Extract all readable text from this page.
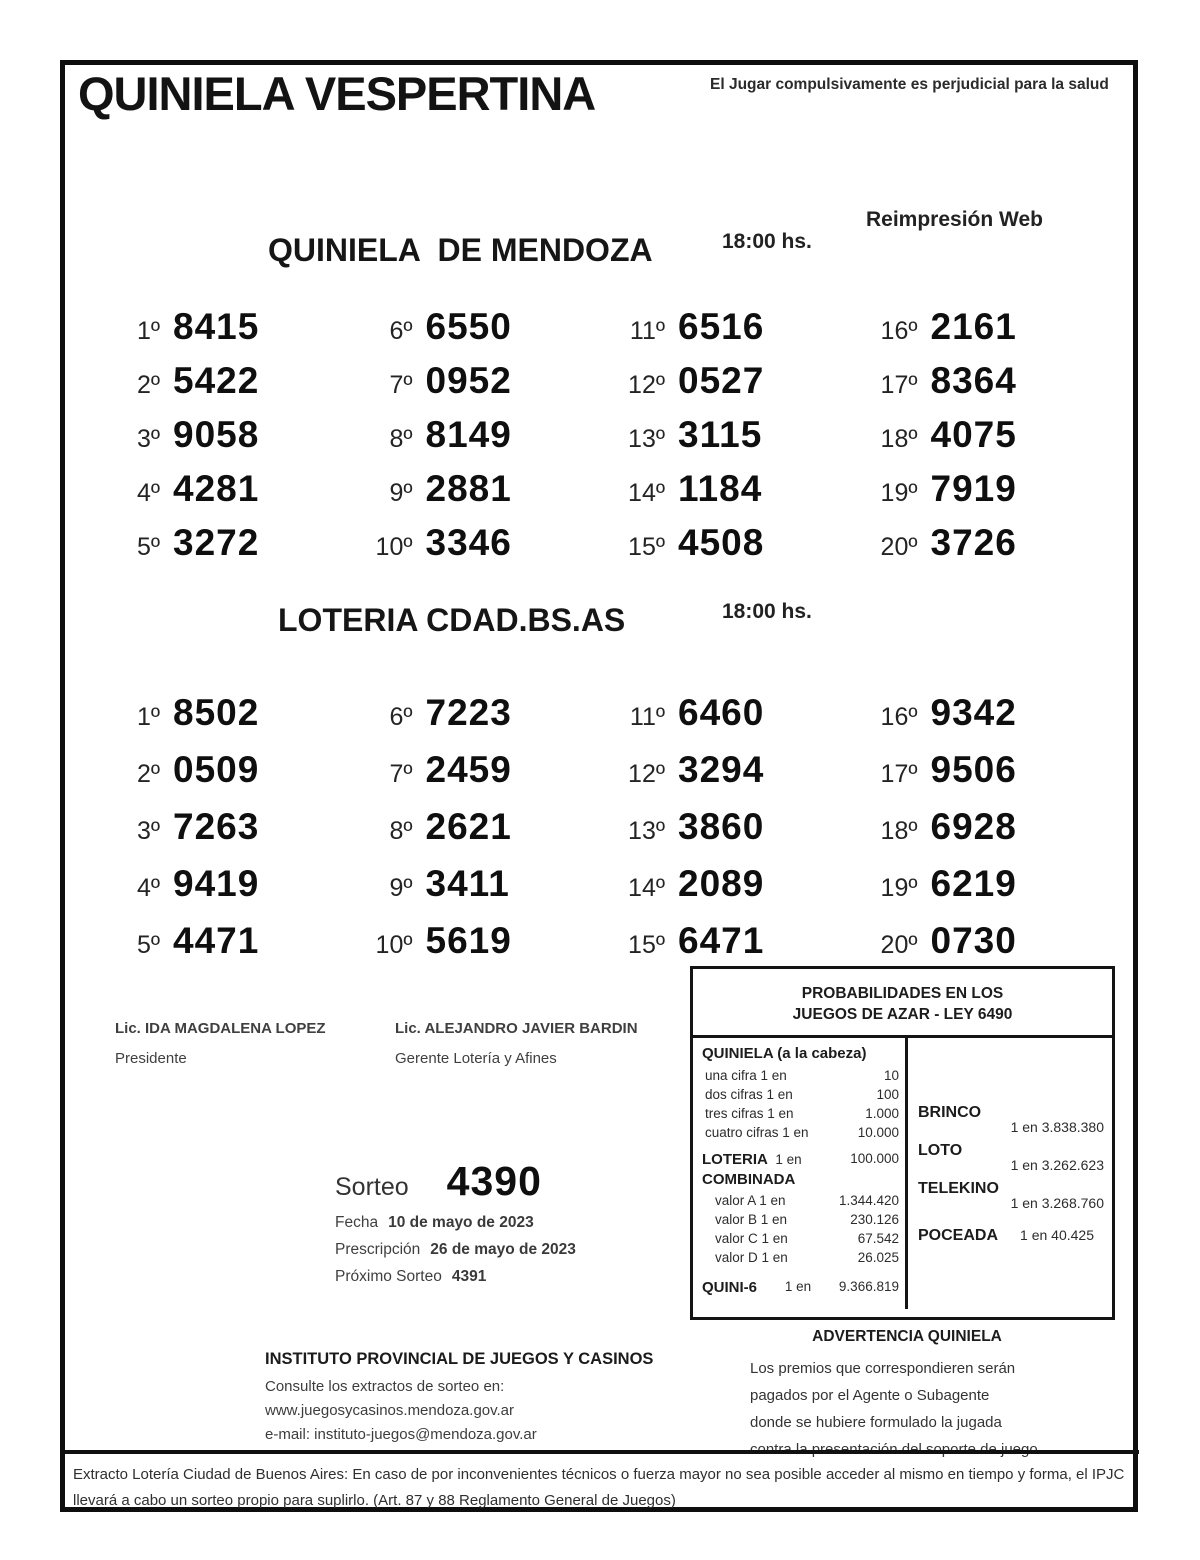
QUINIELA VESPERTINA	El Jugar compulsivamente es perjudicial para la salud
Reimpresión Web
QUINIELA  DE MENDOZA	18:00 hs.
1º 8415
2º 5422
3º 9058
4º 4281
5º 3272
6º 6550
7º 0952
8º 8149
9º 2881
10º 3346
11º 6516
12º 0527
13º 3115
14º 1184
15º 4508
16º 2161
17º 8364
18º 4075
19º 7919
20º 3726
LOTERIA CDAD.BS.AS	18:00 hs.
1º 8502
2º 0509
3º 7263
4º 9419
5º 4471
6º 7223
7º 2459
8º 2621
9º 3411
10º 5619
11º 6460
12º 3294
13º 3860
14º 2089
15º 6471
16º 9342
17º 9506
18º 6928
19º 6219
20º 0730
Lic. IDA MAGDALENA LOPEZ
Presidente
Lic. ALEJANDRO JAVIER BARDIN
Gerente Lotería y Afines
Sorteo 4390
Fecha 10 de mayo de 2023
Prescripción 26 de mayo de 2023
Próximo Sorteo 4391
PROBABILIDADES EN LOS
JUEGOS DE AZAR - LEY 6490
QUINIELA (a la cabeza)
una cifra 1 en	10
dos cifras 1 en	100
tres cifras 1 en	1.000
cuatro cifras 1 en	10.000
LOTERIA 1 en	100.000
COMBINADA
valor A 1 en	1.344.420
valor B 1 en	230.126
valor C 1 en	67.542
valor D 1 en	26.025
QUINI-6 1 en 9.366.819
BRINCO
1 en 3.838.380
LOTO
1 en 3.262.623
TELEKINO
1 en 3.268.760
POCEADA 1 en 40.425
ADVERTENCIA QUINIELA
Los premios que correspondieren serán
pagados por el Agente o Subagente
donde se hubiere formulado la jugada
contra la presentación del soporte de juego.
INSTITUTO PROVINCIAL DE JUEGOS Y CASINOS
Consulte los extractos de sorteo en:
www.juegosycasinos.mendoza.gov.ar
e-mail: instituto-juegos@mendoza.gov.ar
Extracto Lotería Ciudad de Buenos Aires: En caso de por inconvenientes técnicos o fuerza mayor no sea posible acceder al mismo en tiempo y forma, el IPJC llevará a cabo un sorteo propio para suplirlo. (Art. 87 y 88 Reglamento General de Juegos)
